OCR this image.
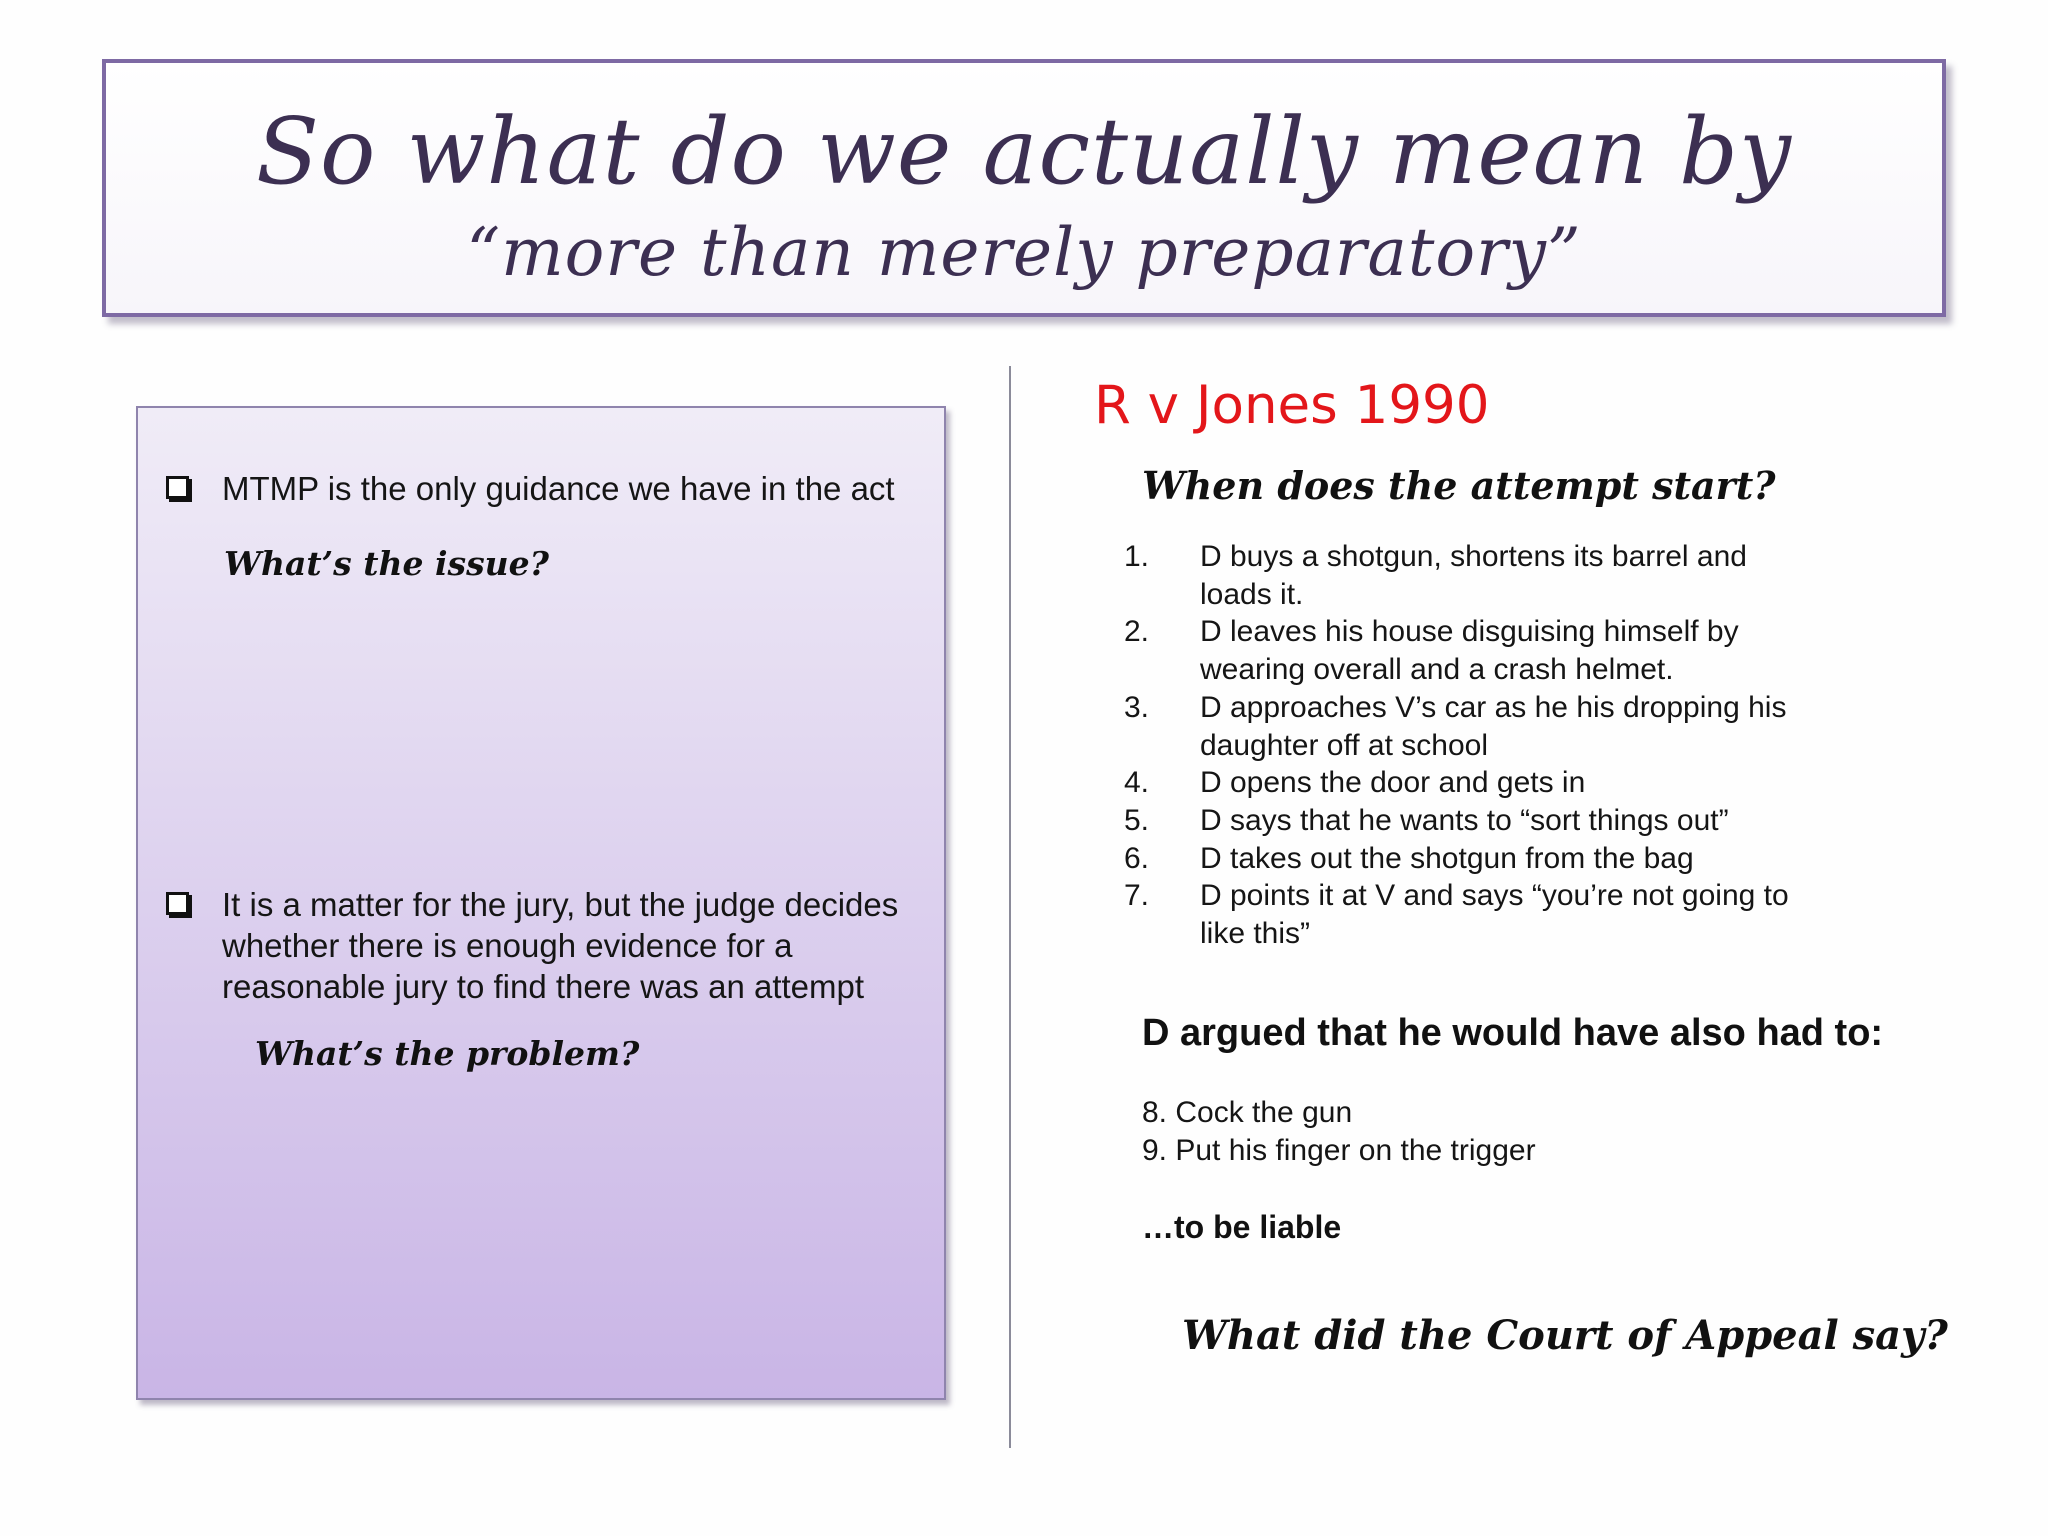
So what do we actually mean by
“more than merely preparatory”
MTMP is the only guidance we have in the act
What’s the issue?
It is a matter for the jury, but the judge decides whether there is enough evidence for a reasonable jury to find there was an attempt
What’s the problem?
R v Jones 1990
When does the attempt start?
1.	D buys a shotgun, shortens its barrel and loads it.
2.	D leaves his house disguising himself by wearing overall and a crash helmet.
3.	D approaches V’s car as he his dropping his daughter off at school
4.	D opens the door and gets in
5.	D says that he wants to “sort things out”
6.	D takes out the shotgun from the bag
7.	D points it at V and says “you’re not going to like this”
D argued that he would have also had to:
8. Cock the gun
9. Put his finger on the trigger
…to be liable
What did the Court of Appeal say?
